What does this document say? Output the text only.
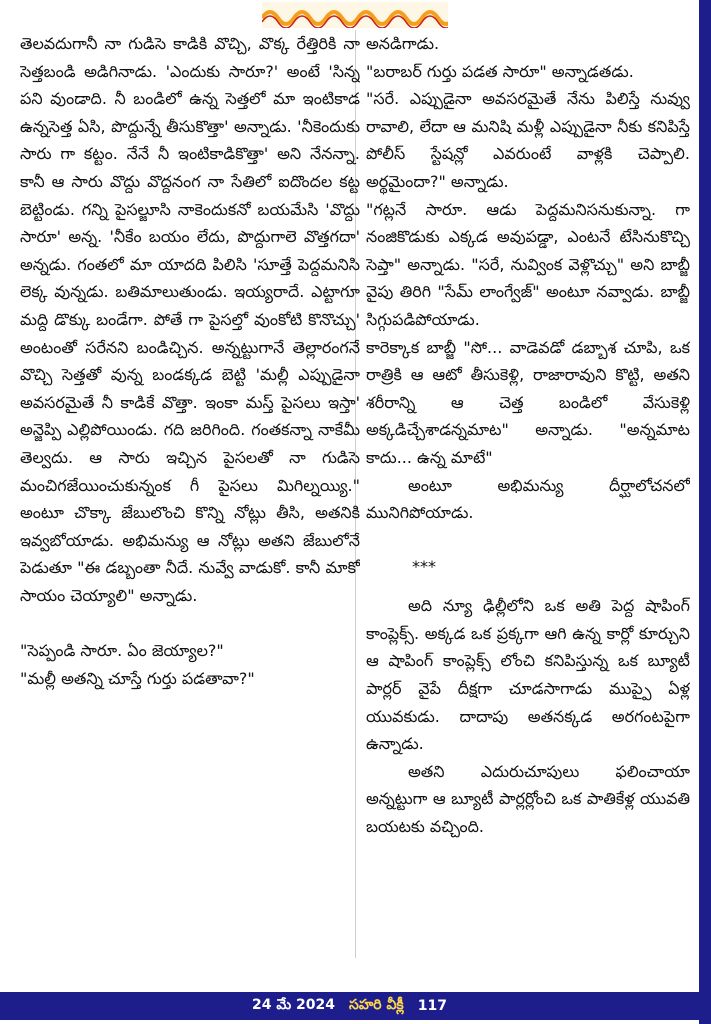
తెలవదుగానీ నా గుడిసె కాడికి వొచ్చి, వొక్క రేత్తిరికి నా సెత్తబండి అడిగినాడు. 'ఎందుకు సారూ?' అంటే 'సిన్న పని వుండాది. నీ బండిలో ఉన్న సెత్తలో మా ఇంటికాడ ఉన్నసెత్త ఏసి, పొద్దున్నే తీసుకొత్తా' అన్నాడు. 'నీకెందుకు సారు గా కట్టం. నేనే నీ ఇంటికాడికొత్తా' అని నేనన్నా. కానీ ఆ సారు వొద్దు వొద్దనంగ నా సేతిలో ఐదొందల కట్ట బెట్టిండు. గన్ని పైసల్జూసి నాకెందుకనో బయమేసి 'వొద్దు సారూ' అన్న. 'నీకేం బయం లేదు, పొద్దుగాలె వొత్తగదా' అన్నడు. గంతలో మా యాదది పిలిసి 'సూత్తే పెద్దమనిసి లెక్క వున్నడు. బతిమాలుతుండు. ఇయ్యరాదే. ఎట్టాగూ మద్ది డొక్కు బండేగా. పోతే గా పైసల్తో వుంకోటి కొనొచ్చు' అంటంతో సరేనని బండిచ్చిన. అన్నట్టుగానే తెల్లారంగనే వొచ్చి సెత్తతో వున్న బండక్కడ బెట్టి 'మల్లీ ఎప్పుడైనా అవసరమైతే నీ కాడికే వొత్తా. ఇంకా మస్త్ పైసలు ఇస్తా' అన్జెప్పి ఎల్లిపోయిండు. గది జరిగింది. గంతకన్నా నాకేమీ తెల్వదు. ఆ సారు ఇచ్చిన పైసలతో నా గుడిసె మంచిగజేయించుకున్నంక గీ పైసలు మిగిల్నయ్యి." అంటూ చొక్కా జేబులొంచి కొన్ని నోట్లు తీసి, అతనికి ఇవ్వబోయాడు. అభిమన్యు ఆ నోట్లు అతని జేబులోనే పెడుతూ "ఈ డబ్బంతా నీదే. నువ్వే వాడుకో. కానీ మాకో సాయం చెయ్యాలి" అన్నాడు.

"సెప్పండి సారూ. ఏం జెయ్యాల?"

"మల్లీ అతన్ని చూస్తే గుర్తు పడతావా?"

అనడిగాడు.

"బరాబర్ గుర్తు పడత సారూ" అన్నాడతడు.

"సరే. ఎప్పుడైనా అవసరమైతే నేను పిలిస్తే నువ్వు రావాలి, లేదా ఆ మనిషి మళ్లీ ఎప్పుడైనా నీకు కనిపిస్తే పోలీస్ స్టేషన్లో ఎవరుంటే వాళ్లకి చెప్పాలి. అర్థమైందా?" అన్నాడు.

"గట్లనే సారూ. ఆడు పెద్దమనిసనుకున్నా. గా నంజికొడుకు ఎక్కడ అవుపడ్డా, ఎంటనే టేసినుకొచ్చి సెప్తా" అన్నాడు. "సరే, నువ్వింక వెళ్లొచ్చు" అని బాబ్జీ వైపు తిరిగి "సేమ్ లాంగ్వేజ్" అంటూ నవ్వాడు. బాబ్జీ సిగ్గుపడిపోయాడు.

కారెక్కాక బాబ్జీ "సో... వాడెవడో డబ్బాశ చూపి, ఒక రాత్రికి ఆ ఆటో తీసుకెళ్లి, రాజారావుని కొట్టి, అతని శరీరాన్ని ఆ చెత్త బండిలో వేసుకెళ్లి అక్కడిచ్చేశాడన్నమాట" అన్నాడు. "అన్నమాట కాదు... ఉన్న మాటే"

అంటూ అభిమన్యు దీర్ఘాలోచనలో మునిగిపోయాడు.

***

అది న్యూ ఢిల్లీలోని ఒక అతి పెద్ద షాపింగ్ కాంప్లెక్స్. అక్కడ ఒక ప్రక్కగా ఆగి ఉన్న కార్లో కూర్చుని ఆ షాపింగ్ కాంప్లెక్స్ లోంచి కనిపిస్తున్న ఒక బ్యూటీ పార్లర్ వైపే దీక్షగా చూడసాగాడు ముప్పై ఏళ్ల యువకుడు. దాదాపు అతనక్కడ అరగంటపైగా ఉన్నాడు.

అతని ఎదురుచూపులు ఫలించాయా అన్నట్టుగా ఆ బ్యూటీ పార్లర్లోంచి ఒక పాతికేళ్ల యువతి బయటకు వచ్చింది.

24 మే 2024 సహరి వీక్లీ 117
